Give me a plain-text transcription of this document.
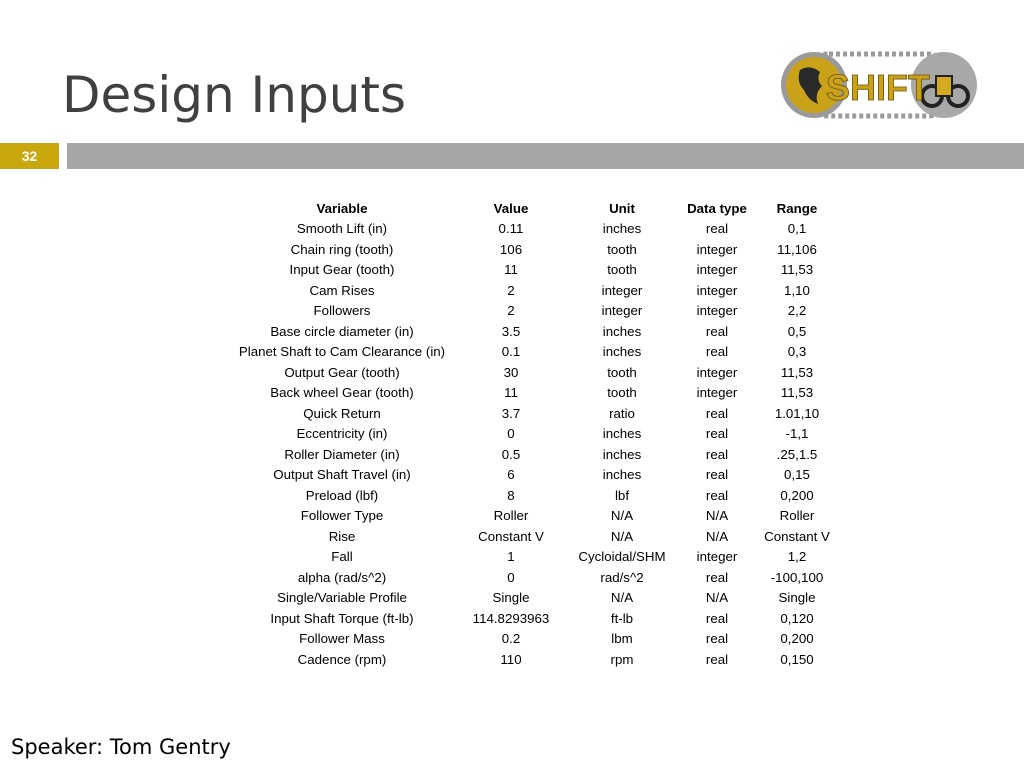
Design Inputs	SHIFT
32
Variable	Value	Unit	Data type	Range
Smooth Lift (in)	0.11	inches	real	0,1
Chain ring (tooth)	106	tooth	integer	11,106
Input Gear (tooth)	11	tooth	integer	11,53
Cam Rises	2	integer	integer	1,10
Followers	2	integer	integer	2,2
Base circle diameter (in)	3.5	inches	real	0,5
Planet Shaft to Cam Clearance (in)	0.1	inches	real	0,3
Output Gear (tooth)	30	tooth	integer	11,53
Back wheel Gear (tooth)	11	tooth	integer	11,53
Quick Return	3.7	ratio	real	1.01,10
Eccentricity (in)	0	inches	real	-1,1
Roller Diameter (in)	0.5	inches	real	.25,1.5
Output Shaft Travel (in)	6	inches	real	0,15
Preload (lbf)	8	lbf	real	0,200
Follower Type	Roller	N/A	N/A	Roller
Rise	Constant V	N/A	N/A	Constant V
Fall	1	Cycloidal/SHM	integer	1,2
alpha (rad/s^2)	0	rad/s^2	real	-100,100
Single/Variable Profile	Single	N/A	N/A	Single
Input Shaft Torque (ft-lb)	114.8293963	ft-lb	real	0,120
Follower Mass	0.2	lbm	real	0,200
Cadence (rpm)	110	rpm	real	0,150
Speaker: Tom Gentry
